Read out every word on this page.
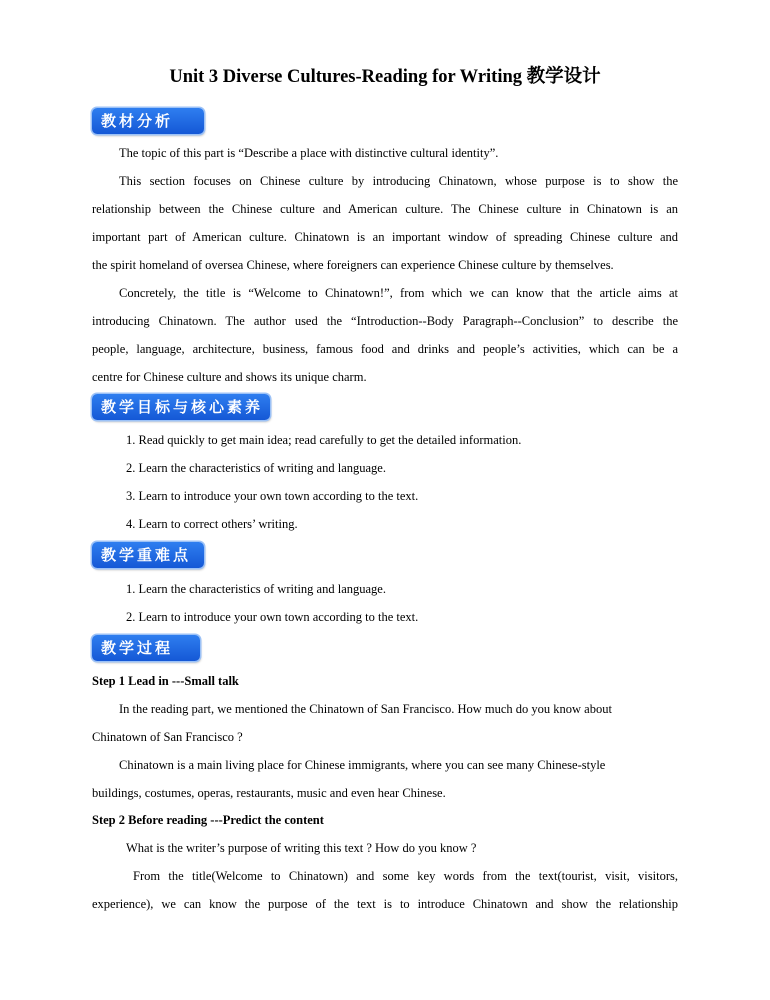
Unit 3 Diverse Cultures-Reading for Writing 教学设计
教材分析

The topic of this part is “Describe a place with distinctive cultural identity”.

This section focuses on Chinese culture by introducing Chinatown, whose purpose is to show the

relationship between the Chinese culture and American culture. The Chinese culture in Chinatown is an

important part of American culture. Chinatown is an important window of spreading Chinese culture and

the spirit homeland of oversea Chinese, where foreigners can experience Chinese culture by themselves.

Concretely, the title is “Welcome to Chinatown!”, from which we can know that the article aims at

introducing Chinatown. The author used the “Introduction--Body Paragraph--Conclusion” to describe the

people, language, architecture, business, famous food and drinks and people’s activities, which can be a

centre for Chinese culture and shows its unique charm.

教学目标与核心素养

1. Read quickly to get main idea; read carefully to get the detailed information.

2. Learn the characteristics of writing and language.

3. Learn to introduce your own town according to the text.

4. Learn to correct others’ writing.

教学重难点

1. Learn the characteristics of writing and language.

2. Learn to introduce your own town according to the text.

教学过程

Step 1 Lead in ---Small talk

In the reading part, we mentioned the Chinatown of San Francisco. How much do you know about

Chinatown of San Francisco ?

Chinatown is a main living place for Chinese immigrants, where you can see many Chinese-style

buildings, costumes, operas, restaurants, music and even hear Chinese.

Step 2 Before reading ---Predict the content

What is the writer’s purpose of writing this text ? How do you know ?

From the title(Welcome to Chinatown) and some key words from the text(tourist, visit, visitors,

experience), we can know the purpose of the text is to introduce Chinatown and show the relationship
